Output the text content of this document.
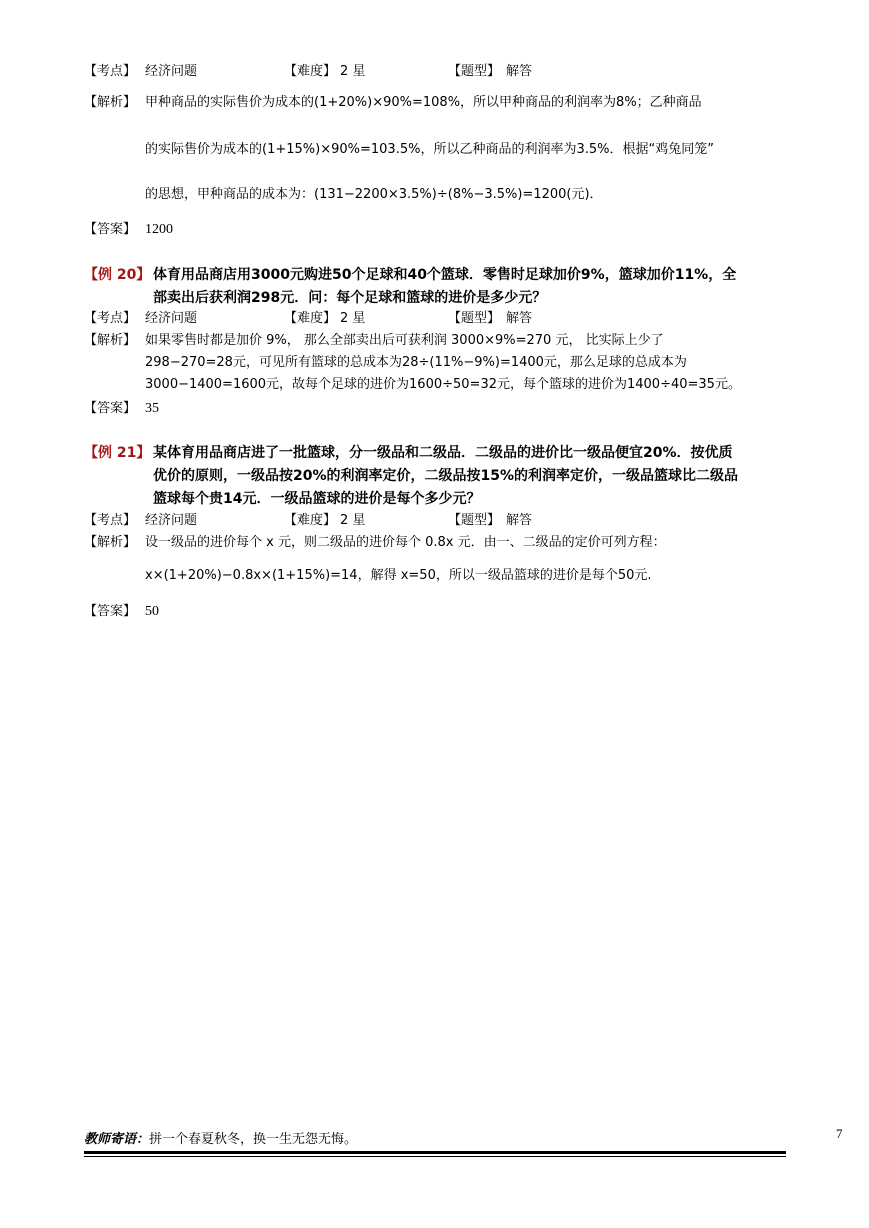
【考点】 经济问题	【难度】 2 星	【题型】 解答
【解析】 甲种商品的实际售价为成本的(1+20%)×90%=108%，所以甲种商品的利润率为8%；乙种商品
的实际售价为成本的(1+15%)×90%=103.5%，所以乙种商品的利润率为3.5%．根据“鸡兔同笼”
的思想，甲种商品的成本为：(131−2200×3.5%)÷(8%−3.5%)=1200(元)．
【答案】 1200
【例 20】 体育用品商店用3000元购进50个足球和40个篮球．零售时足球加价9%，篮球加价11%，全
部卖出后获利润298元．问：每个足球和篮球的进价是多少元？
【考点】 经济问题	【难度】 2 星	【题型】 解答
【解析】 如果零售时都是加价 9%， 那么全部卖出后可获利润 3000×9%=270 元， 比实际上少了
298−270=28元，可见所有篮球的总成本为28÷(11%−9%)=1400元，那么足球的总成本为
3000−1400=1600元，故每个足球的进价为1600÷50=32元，每个篮球的进价为1400÷40=35元。
【答案】 35
【例 21】 某体育用品商店进了一批篮球，分一级品和二级品．二级品的进价比一级品便宜20%．按优质
优价的原则，一级品按20%的利润率定价，二级品按15%的利润率定价，一级品篮球比二级品
篮球每个贵14元．一级品篮球的进价是每个多少元？
【考点】 经济问题	【难度】 2 星	【题型】 解答
【解析】 设一级品的进价每个 x 元，则二级品的进价每个 0.8x 元．由一、二级品的定价可列方程：
x×(1+20%)−0.8x×(1+15%)=14，解得 x=50，所以一级品篮球的进价是每个50元.
【答案】 50
教师寄语：拼一个春夏秋冬，换一生无怨无悔。	7
